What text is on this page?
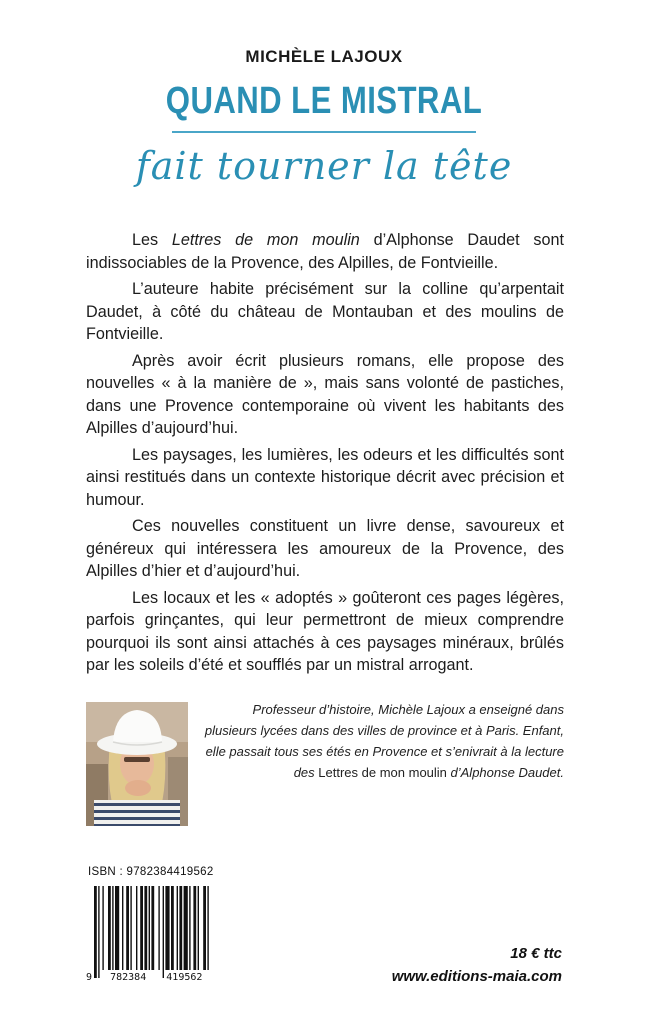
MICHÈLE LAJOUX
QUAND LE MISTRAL
fait tourner la tête

Les Lettres de mon moulin d’Alphonse Daudet sont indissociables de la Provence, des Alpilles, de Fontvieille.

L’auteure habite précisément sur la colline qu’arpentait Daudet, à côté du château de Montauban et des moulins de Fontvieille.

Après avoir écrit plusieurs romans, elle propose des nouvelles « à la manière de », mais sans volonté de pastiches, dans une Provence contemporaine où vivent les habitants des Alpilles d’aujourd’hui.

Les paysages, les lumières, les odeurs et les difficultés sont ainsi restitués dans un contexte historique décrit avec précision et humour.

Ces nouvelles constituent un livre dense, savoureux et généreux qui intéressera les amoureux de la Provence, des Alpilles d’hier et d’aujourd’hui.

Les locaux et les « adoptés » goûteront ces pages légères, parfois grinçantes, qui leur permettront de mieux comprendre pourquoi ils sont ainsi attachés à ces paysages minéraux, brûlés par les soleils d’été et soufflés par un mistral arrogant.

Professeur d’histoire, Michèle Lajoux a enseigné dans plusieurs lycées dans des villes de province et à Paris. Enfant, elle passait tous ses étés en Provence et s’enivrait à la lecture des Lettres de mon moulin d’Alphonse Daudet.
ISBN : 9782384419562
9 782384 419562
18 € ttc
www.editions-maia.com
